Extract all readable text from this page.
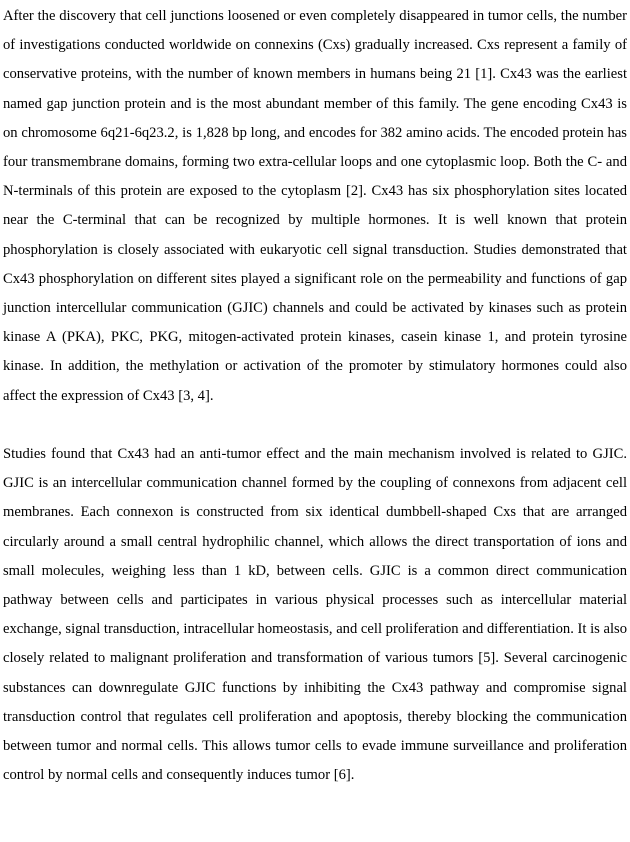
After the discovery that cell junctions loosened or even completely disappeared in tumor cells, the number of investigations conducted worldwide on connexins (Cxs) gradually increased. Cxs represent a family of conservative proteins, with the number of known members in humans being 21 [1]. Cx43 was the earliest named gap junction protein and is the most abundant member of this family. The gene encoding Cx43 is on chromosome 6q21-6q23.2, is 1,828 bp long, and encodes for 382 amino acids. The encoded protein has four transmembrane domains, forming two extra-cellular loops and one cytoplasmic loop. Both the C- and N-terminals of this protein are exposed to the cytoplasm [2]. Cx43 has six phosphorylation sites located near the C-terminal that can be recognized by multiple hormones. It is well known that protein phosphorylation is closely associated with eukaryotic cell signal transduction. Studies demonstrated that Cx43 phosphorylation on different sites played a significant role on the permeability and functions of gap junction intercellular communication (GJIC) channels and could be activated by kinases such as protein kinase A (PKA), PKC, PKG, mitogen-activated protein kinases, casein kinase 1, and protein tyrosine kinase. In addition, the methylation or activation of the promoter by stimulatory hormones could also affect the expression of Cx43 [3, 4].

Studies found that Cx43 had an anti-tumor effect and the main mechanism involved is related to GJIC. GJIC is an intercellular communication channel formed by the coupling of connexons from adjacent cell membranes. Each connexon is constructed from six identical dumbbell-shaped Cxs that are arranged circularly around a small central hydrophilic channel, which allows the direct transportation of ions and small molecules, weighing less than 1 kD, between cells. GJIC is a common direct communication pathway between cells and participates in various physical processes such as intercellular material exchange, signal transduction, intracellular homeostasis, and cell proliferation and differentiation. It is also closely related to malignant proliferation and transformation of various tumors [5]. Several carcinogenic substances can downregulate GJIC functions by inhibiting the Cx43 pathway and compromise signal transduction control that regulates cell proliferation and apoptosis, thereby blocking the communication between tumor and normal cells. This allows tumor cells to evade immune surveillance and proliferation control by normal cells and consequently induces tumor [6].
